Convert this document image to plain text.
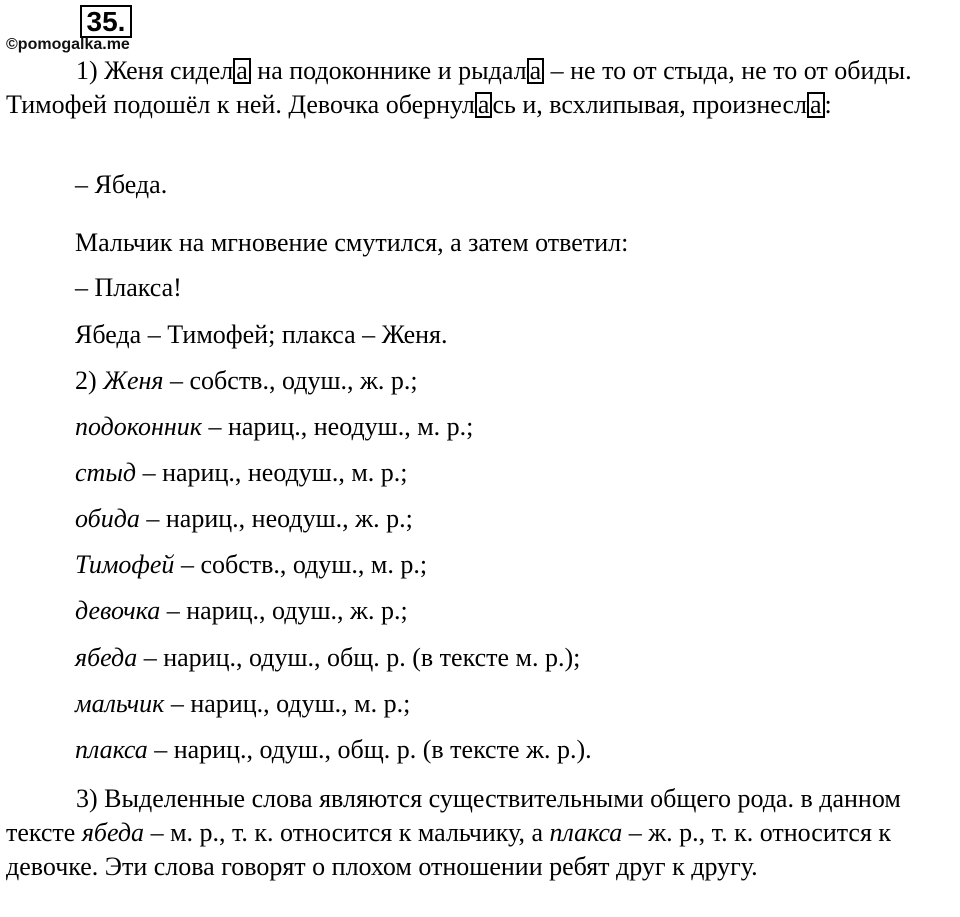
35.
©pomogalka.me

1) Женя сидел а на подоконнике и рыдал а – не то от стыда, не то от обиды. Тимофей подошёл к ней. Девочка обернул а сь и, всхлипывая, произнесл а :

– Ябеда.
Мальчик на мгновение смутился, а затем ответил:
– Плакса!
Ябеда – Тимофей; плакса – Женя.
2) Женя – собств., одуш., ж. р.;
подоконник – нариц., неодуш., м. р.;
стыд – нариц., неодуш., м. р.;
обида – нариц., неодуш., ж. р.;
Тимофей – собств., одуш., м. р.;
девочка – нариц., одуш., ж. р.;
ябеда – нариц., одуш., общ. р. (в тексте м. р.);
мальчик – нариц., одуш., м. р.;
плакса – нариц., одуш., общ. р. (в тексте ж. р.).

3) Выделенные слова являются существительными общего рода. в данном тексте ябеда – м. р., т. к. относится к мальчику, а плакса – ж. р., т. к. относится к девочке. Эти слова говорят о плохом отношении ребят друг к другу.
